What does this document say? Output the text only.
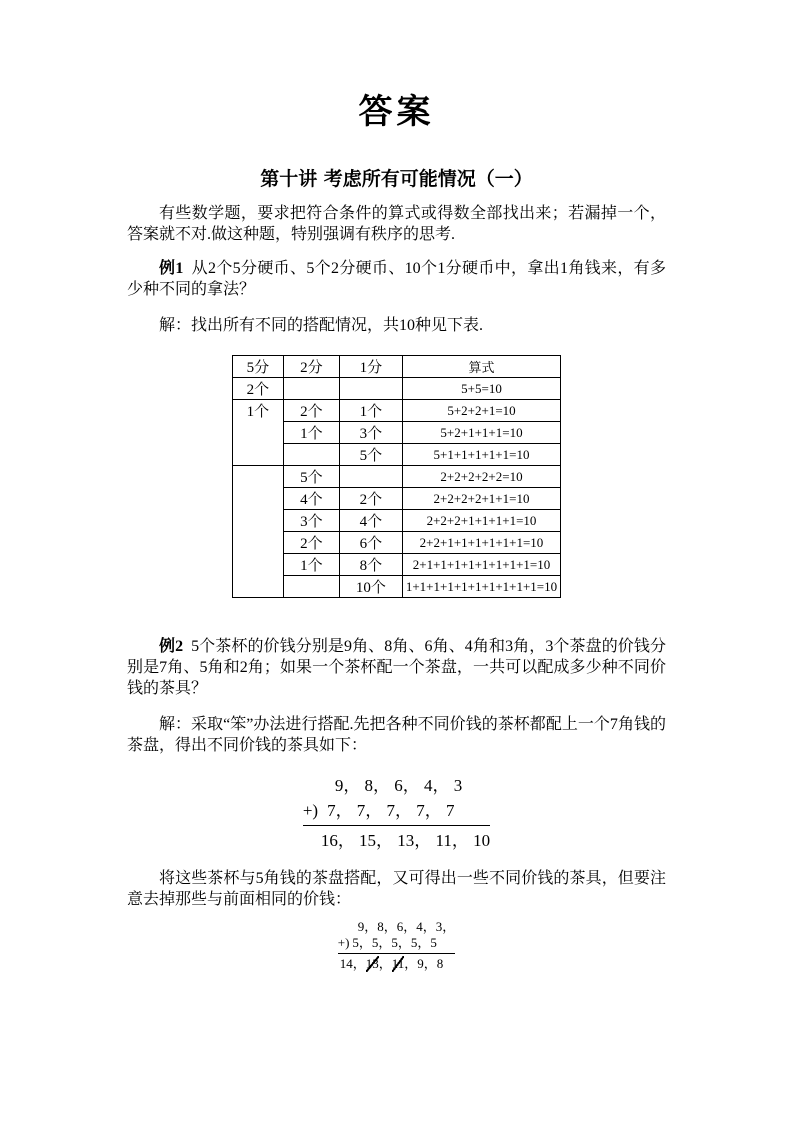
答案
第十讲 考虑所有可能情况（一）

有些数学题，要求把符合条件的算式或得数全部找出来；若漏掉一个，答案就不对.做这种题，特别强调有秩序的思考.

例1 从2个5分硬币、5个2分硬币、10个1分硬币中，拿出1角钱来，有多少种不同的拿法？

解：找出所有不同的搭配情况，共10种见下表.

5分	2分	1分	算式
2个			5+5=10
1个	2个	1个	5+2+2+1=10
	1个	3个	5+2+1+1+1=10
		5个	5+1+1+1+1+1=10
	5个		2+2+2+2+2=10
	4个	2个	2+2+2+2+1+1=10
	3个	4个	2+2+2+1+1+1+1=10
	2个	6个	2+2+1+1+1+1+1+1=10
	1个	8个	2+1+1+1+1+1+1+1+1=10
		10个	1+1+1+1+1+1+1+1+1+1=10

例2 5个茶杯的价钱分别是9角、8角、6角、4角和3角，3个茶盘的价钱分别是7角、5角和2角；如果一个茶杯配一个茶盘，一共可以配成多少种不同价钱的茶具？

解：采取“笨”办法进行搭配.先把各种不同价钱的茶杯都配上一个7角钱的茶盘，得出不同价钱的茶具如下：

9， 8， 6， 4， 3
+) 7， 7， 7， 7， 7
16， 15， 13， 11， 10

将这些茶杯与5角钱的茶盘搭配，又可得出一些不同价钱的茶具，但要注意去掉那些与前面相同的价钱：

9，8，6，4，3，
+) 5，5，5，5，5
14，13，11，9，8
